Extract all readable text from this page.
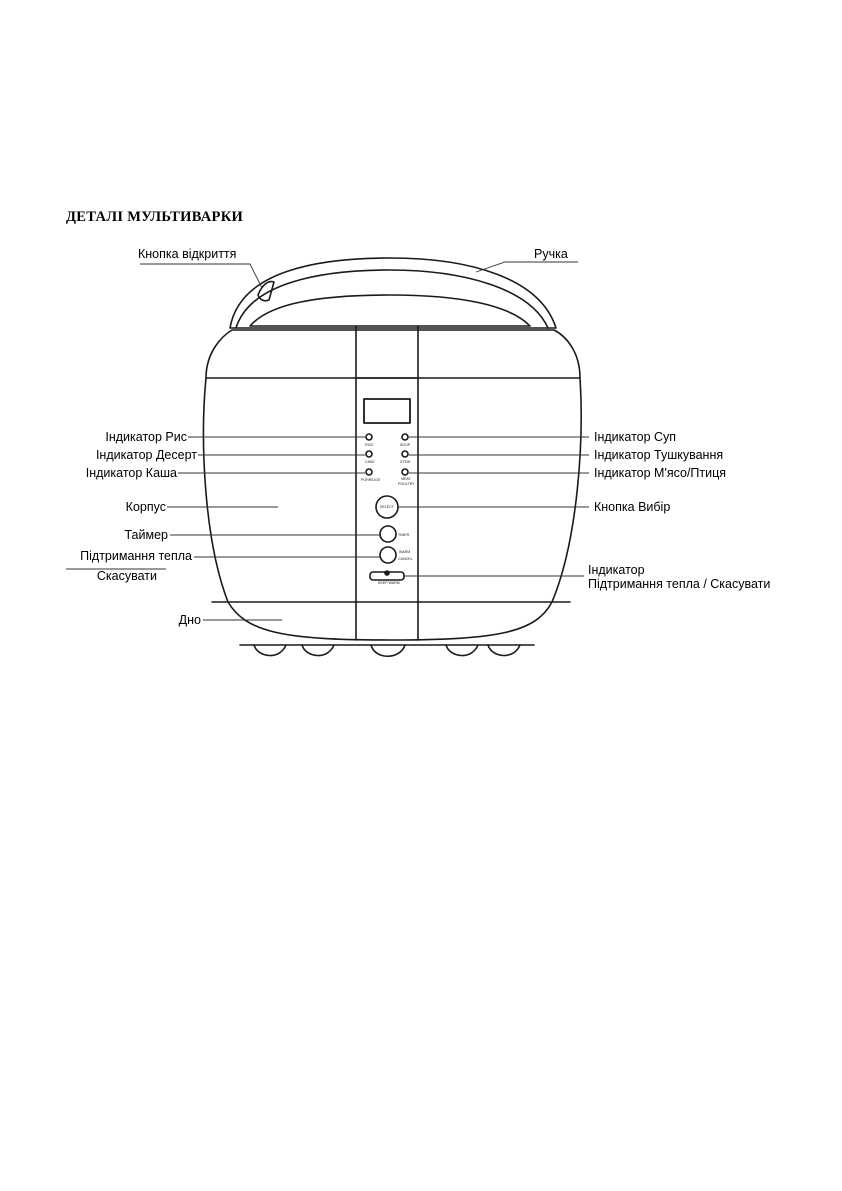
ДЕТАЛІ МУЛЬТИВАРКИ
RICE	SOUP
CAKE	STEW
PORRIDGE	MEAT
POULTRY
SELECT
TIMER
WARM
CANCEL
KEEP WARM
Кнопка відкриття	Ручка
Індикатор Рис
Індикатор Десерт
Індикатор Каша
Корпус
Таймер
Підтримання тепла
Скасувати
Дно
Індикатор Суп
Індикатор Тушкування
Індикатор М'ясо/Птиця
Кнопка Вибір
Індикатор
Підтримання тепла / Скасувати
